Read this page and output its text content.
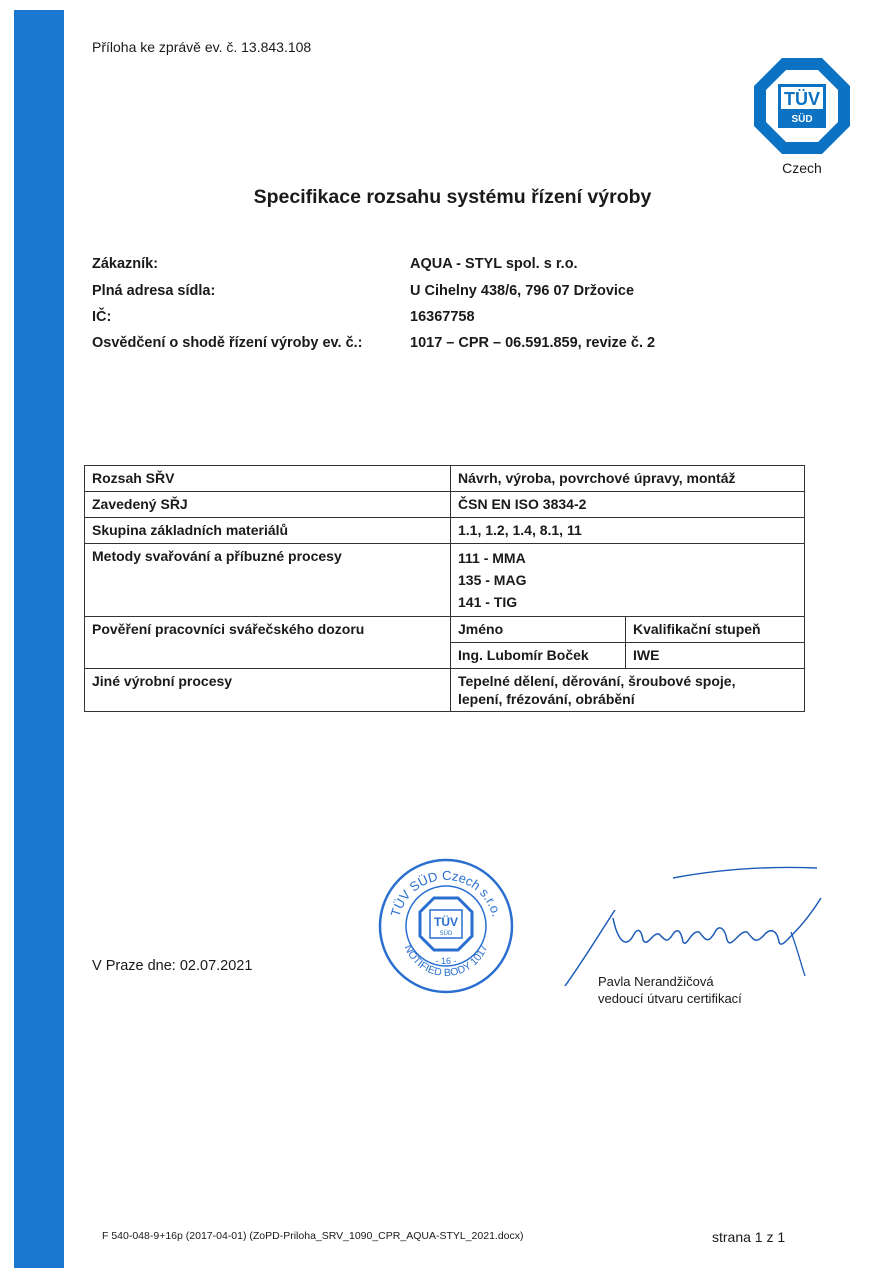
Příloha ke zprávě ev. č. 13.843.108
TÜV
SÜD
Czech
Specifikace rozsahu systému řízení výroby
Zákazník:	AQUA - STYL spol. s r.o.
Plná adresa sídla:	U Cihelny 438/6, 796 07 Držovice
IČ:	16367758
Osvědčení o shodě řízení výroby ev. č.:	1017 – CPR – 06.591.859, revize č. 2
Rozsah SŘV	Návrh, výroba, povrchové úpravy, montáž	
Zavedený SŘJ	ČSN EN ISO 3834-2	
Skupina základních materiálů	1.1, 1.2, 1.4, 8.1, 11	
Metody svařování a příbuzné procesy	111 - MMA
135 - MAG
141 - TIG	

Pověření pracovníci svářečského dozoru	Jméno	Kvalifikační stupeň
	Ing. Lubomír Boček	IWE
Jiné výrobní procesy	Tepelné dělení, děrování, šroubové spoje,
lepení, frézování, obrábění	
V Praze dne: 02.07.2021
TÜV SÜD Czech s.r.o.
NOTIFIED BODY 1017
TÜV
SÜD
- 16 -
Pavla Nerandžičová
vedoucí útvaru certifikací
F 540-048-9+16p (2017-04-01) (ZoPD-Priloha_SRV_1090_CPR_AQUA-STYL_2021.docx)	strana 1 z 1
